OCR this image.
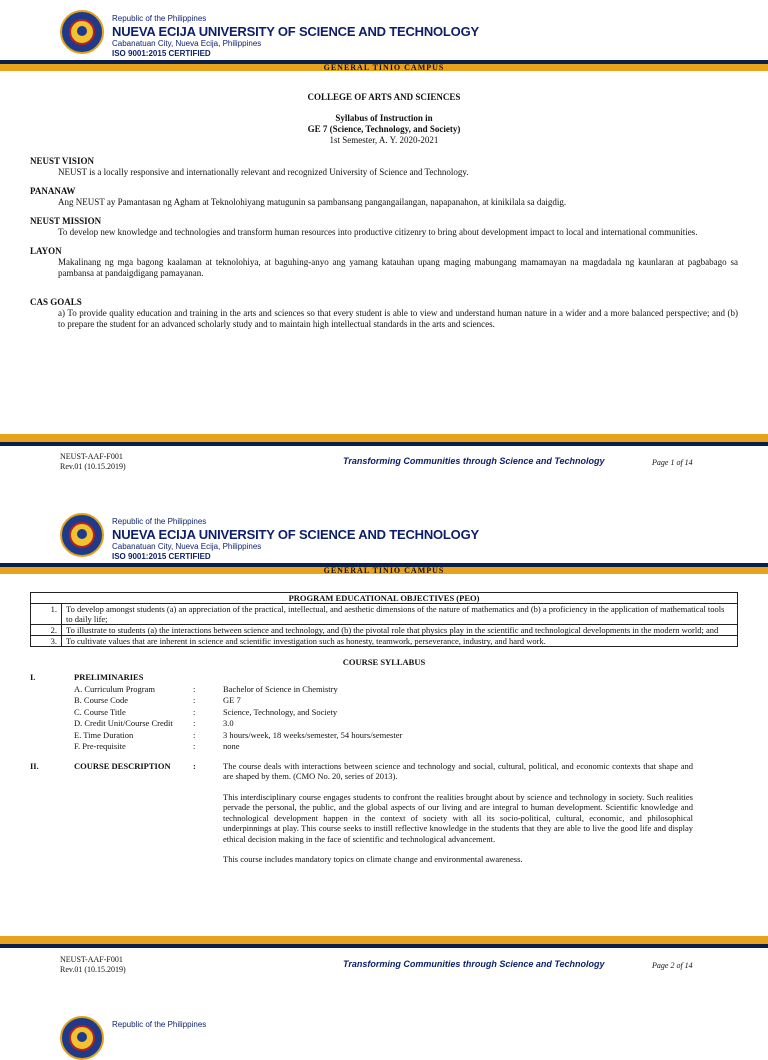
Republic of the Philippines
NUEVA ECIJA UNIVERSITY OF SCIENCE AND TECHNOLOGY
Cabanatuan City, Nueva Ecija, Philippines
ISO 9001:2015 CERTIFIED
GENERAL TINIO CAMPUS
COLLEGE OF ARTS AND SCIENCES
Syllabus of Instruction in
GE 7 (Science, Technology, and Society)
1st Semester, A. Y. 2020-2021
NEUST VISION
NEUST is a locally responsive and internationally relevant and recognized University of Science and Technology.
PANANAW
Ang NEUST ay Pamantasan ng Agham at Teknolohiyang matugunin sa pambansang pangangailangan, napapanahon, at kinikilala sa daigdig.
NEUST MISSION
To develop new knowledge and technologies and transform human resources into productive citizenry to bring about development impact to local and international communities.
LAYON
Makalinang ng mga bagong kaalaman at teknolohiya, at baguhing-anyo ang yamang katauhan upang maging mabungang mamamayan na magdadala ng kaunlaran at pagbabago sa pambansa at pandaigdigang pamayanan.
CAS GOALS
a) To provide quality education and training in the arts and sciences so that every student is able to view and understand human nature in a wider and a more balanced perspective; and (b) to prepare the student for an advanced scholarly study and to maintain high intellectual standards in the arts and sciences.
NEUST-AAF-F001
Rev.01 (10.15.2019)
Transforming Communities through Science and Technology	Page 1 of 14
Republic of the Philippines
NUEVA ECIJA UNIVERSITY OF SCIENCE AND TECHNOLOGY
Cabanatuan City, Nueva Ecija, Philippines
ISO 9001:2015 CERTIFIED
GENERAL TINIO CAMPUS
PROGRAM EDUCATIONAL OBJECTIVES (PEO)	
1.	To develop amongst students (a) an appreciation of the practical, intellectual, and aesthetic dimensions of the nature of mathematics and (b) a proficiency in the application of mathematical tools to daily life;
2.	To illustrate to students (a) the interactions between science and technology, and (b) the pivotal role that physics play in the scientific and technological developments in the modern world; and
3.	To cultivate values that are inherent in science and scientific investigation such as honesty, teamwork, perseverance, industry, and hard work.
COURSE SYLLABUS
I.	PRELIMINARIES
A. Curriculum Program	:	Bachelor of Science in Chemistry
B. Course Code	:	GE 7
C. Course Title	:	Science, Technology, and Society
D. Credit Unit/Course Credit	:	3.0
E. Time Duration	:	3 hours/week, 18 weeks/semester, 54 hours/semester
F. Pre-requisite	:	none
II.	COURSE DESCRIPTION	:	The course deals with interactions between science and technology and social, cultural, political, and economic contexts that shape and are shaped by them. (CMO No. 20, series of 2013).
This interdisciplinary course engages students to confront the realities brought about by science and technology in society. Such realities pervade the personal, the public, and the global aspects of our living and are integral to human development. Scientific knowledge and technological development happen in the context of society with all its socio-political, cultural, economic, and philosophical underpinnings at play. This course seeks to instill reflective knowledge in the students that they are able to live the good life and display ethical decision making in the face of scientific and technological advancement.
This course includes mandatory topics on climate change and environmental awareness.
NEUST-AAF-F001
Rev.01 (10.15.2019)
Transforming Communities through Science and Technology	Page 2 of 14
Republic of the Philippines
